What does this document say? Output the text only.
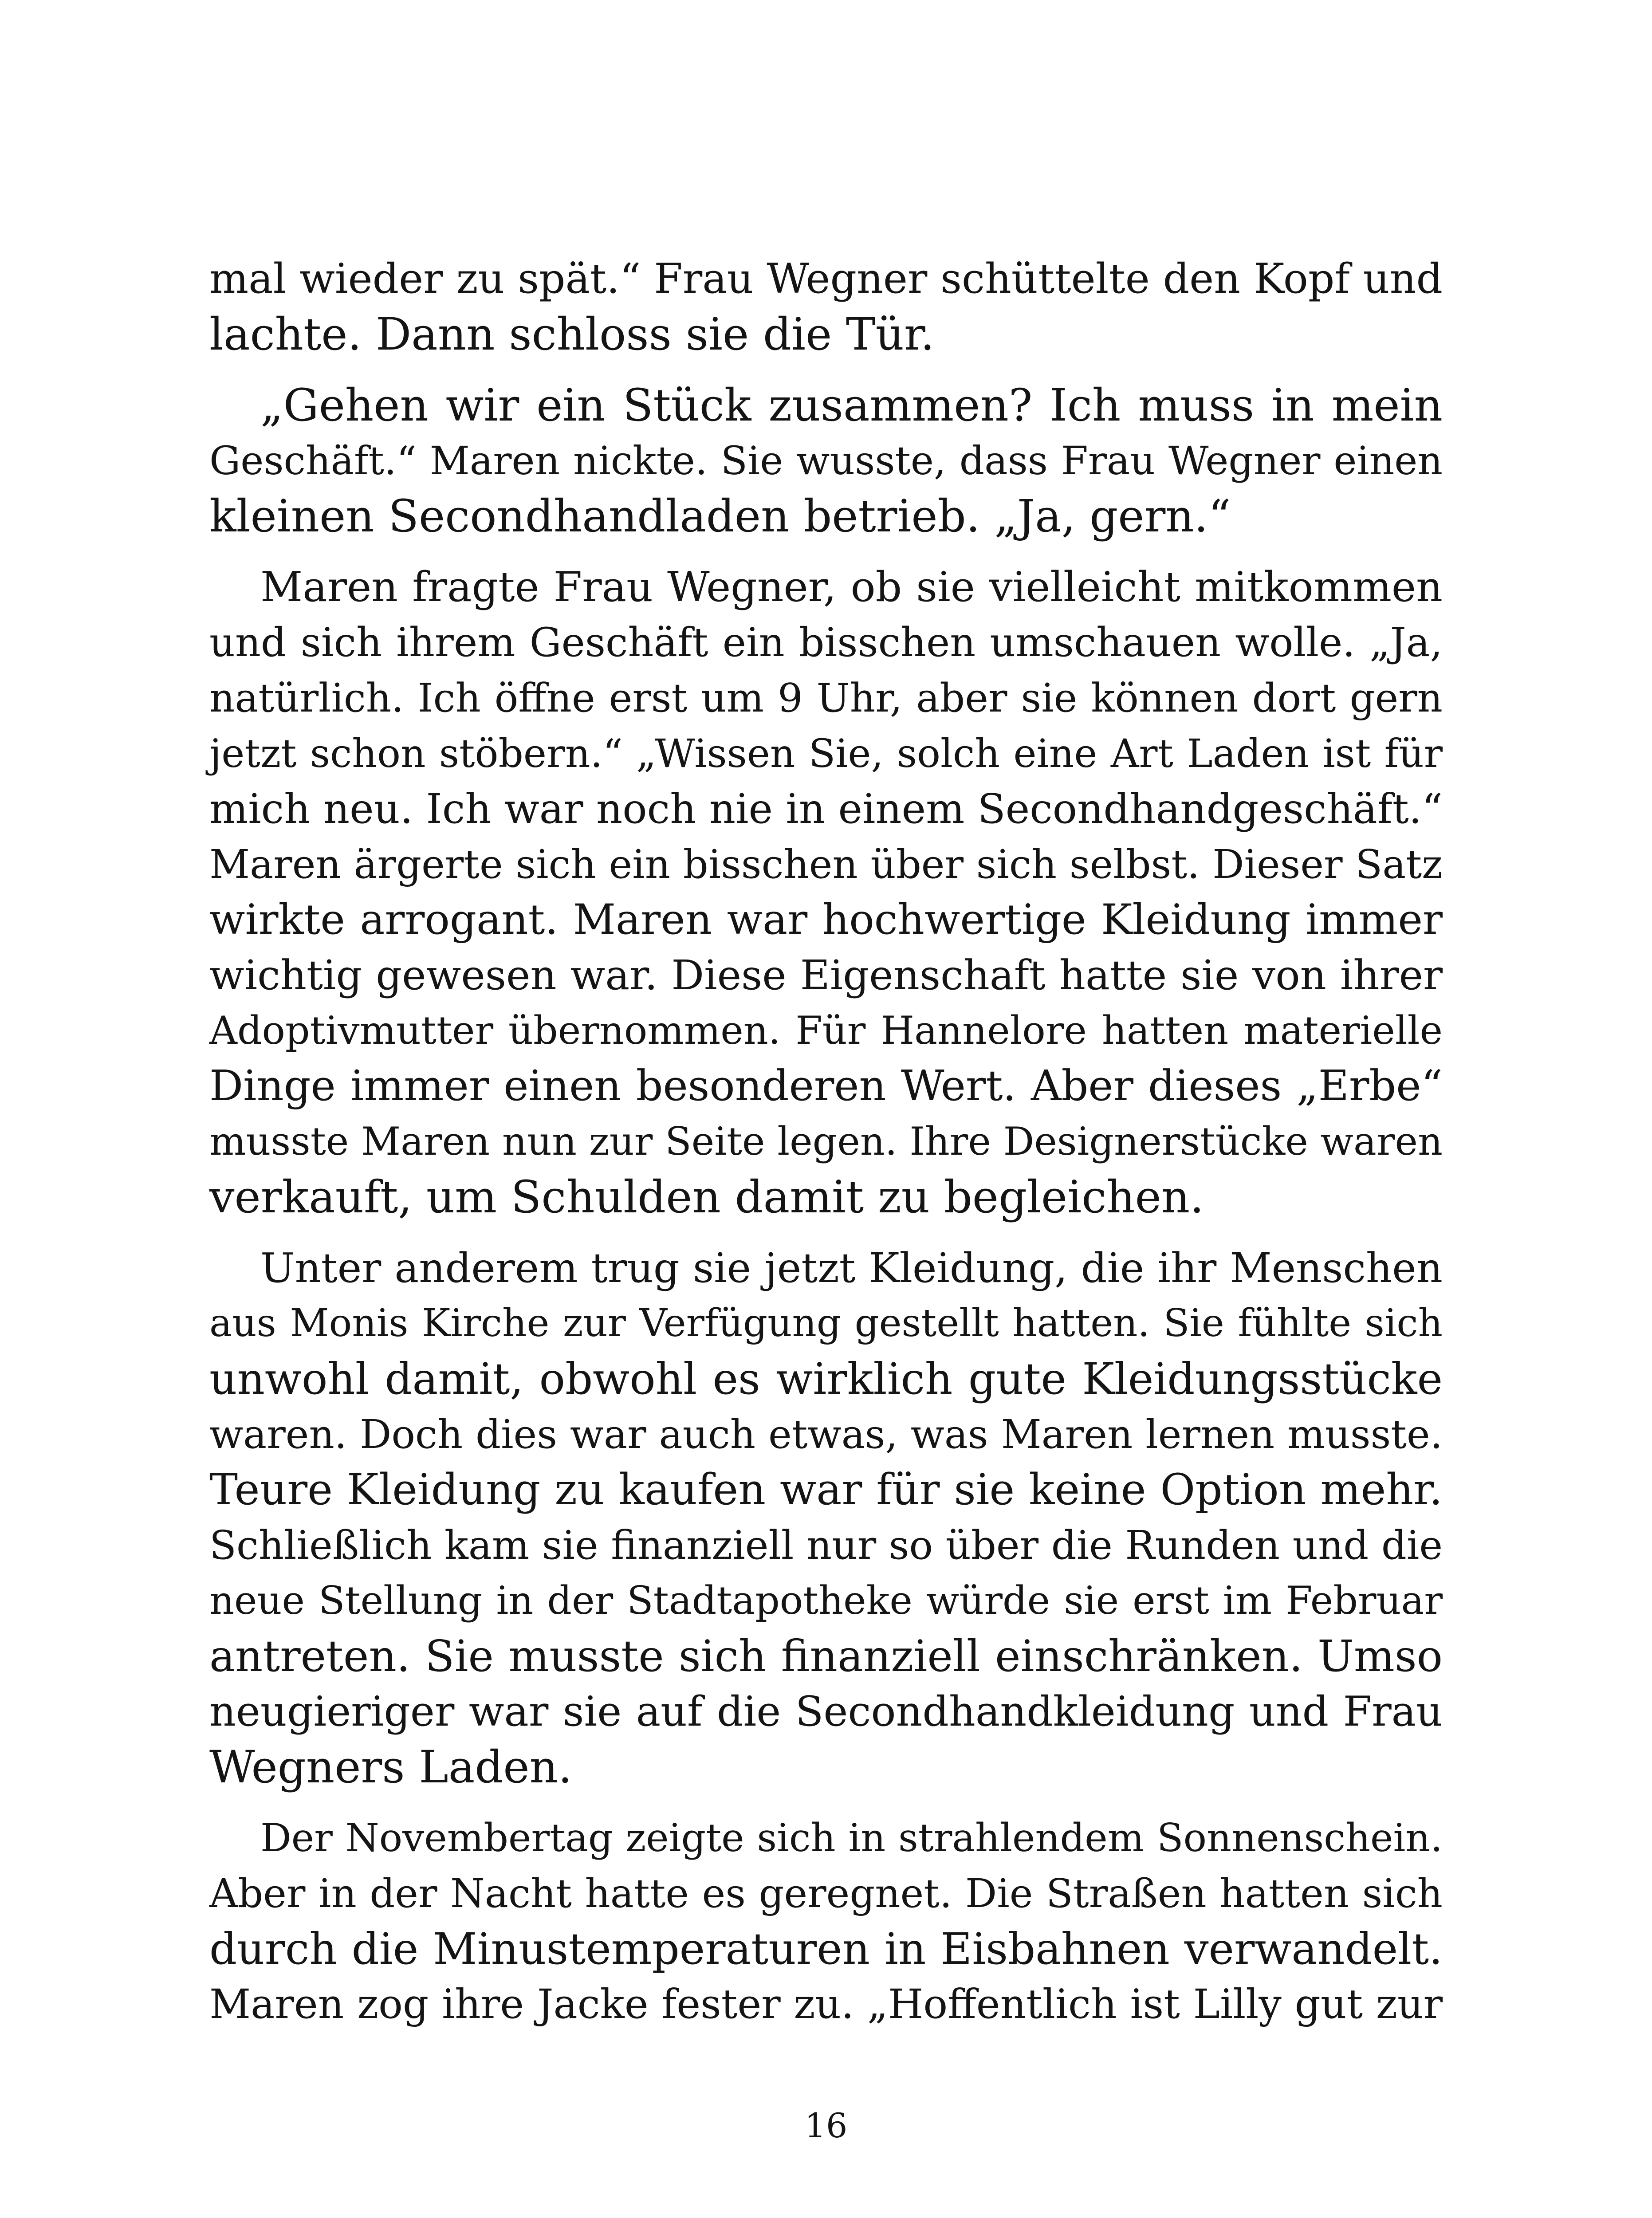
mal wieder zu spät.“ Frau Wegner schüttelte den Kopf und
lachte. Dann schloss sie die Tür.
„Gehen wir ein Stück zusammen? Ich muss in mein
Geschäft.“ Maren nickte. Sie wusste, dass Frau Wegner einen
kleinen Secondhandladen betrieb. „Ja, gern.“
Maren fragte Frau Wegner, ob sie vielleicht mitkommen
und sich ihrem Geschäft ein bisschen umschauen wolle. „Ja,
natürlich. Ich öffne erst um 9 Uhr, aber sie können dort gern
jetzt schon stöbern.“ „Wissen Sie, solch eine Art Laden ist für
mich neu. Ich war noch nie in einem Secondhandgeschäft.“
Maren ärgerte sich ein bisschen über sich selbst. Dieser Satz
wirkte arrogant. Maren war hochwertige Kleidung immer
wichtig gewesen war. Diese Eigenschaft hatte sie von ihrer
Adoptivmutter übernommen. Für Hannelore hatten materielle
Dinge immer einen besonderen Wert. Aber dieses „Erbe“
musste Maren nun zur Seite legen. Ihre Designerstücke waren
verkauft, um Schulden damit zu begleichen.
Unter anderem trug sie jetzt Kleidung, die ihr Menschen
aus Monis Kirche zur Verfügung gestellt hatten. Sie fühlte sich
unwohl damit, obwohl es wirklich gute Kleidungsstücke
waren. Doch dies war auch etwas, was Maren lernen musste.
Teure Kleidung zu kaufen war für sie keine Option mehr.
Schließlich kam sie finanziell nur so über die Runden und die
neue Stellung in der Stadtapotheke würde sie erst im Februar
antreten. Sie musste sich finanziell einschränken. Umso
neugieriger war sie auf die Secondhandkleidung und Frau
Wegners Laden.
Der Novembertag zeigte sich in strahlendem Sonnenschein.
Aber in der Nacht hatte es geregnet. Die Straßen hatten sich
durch die Minustemperaturen in Eisbahnen verwandelt.
Maren zog ihre Jacke fester zu. „Hoffentlich ist Lilly gut zur
16
